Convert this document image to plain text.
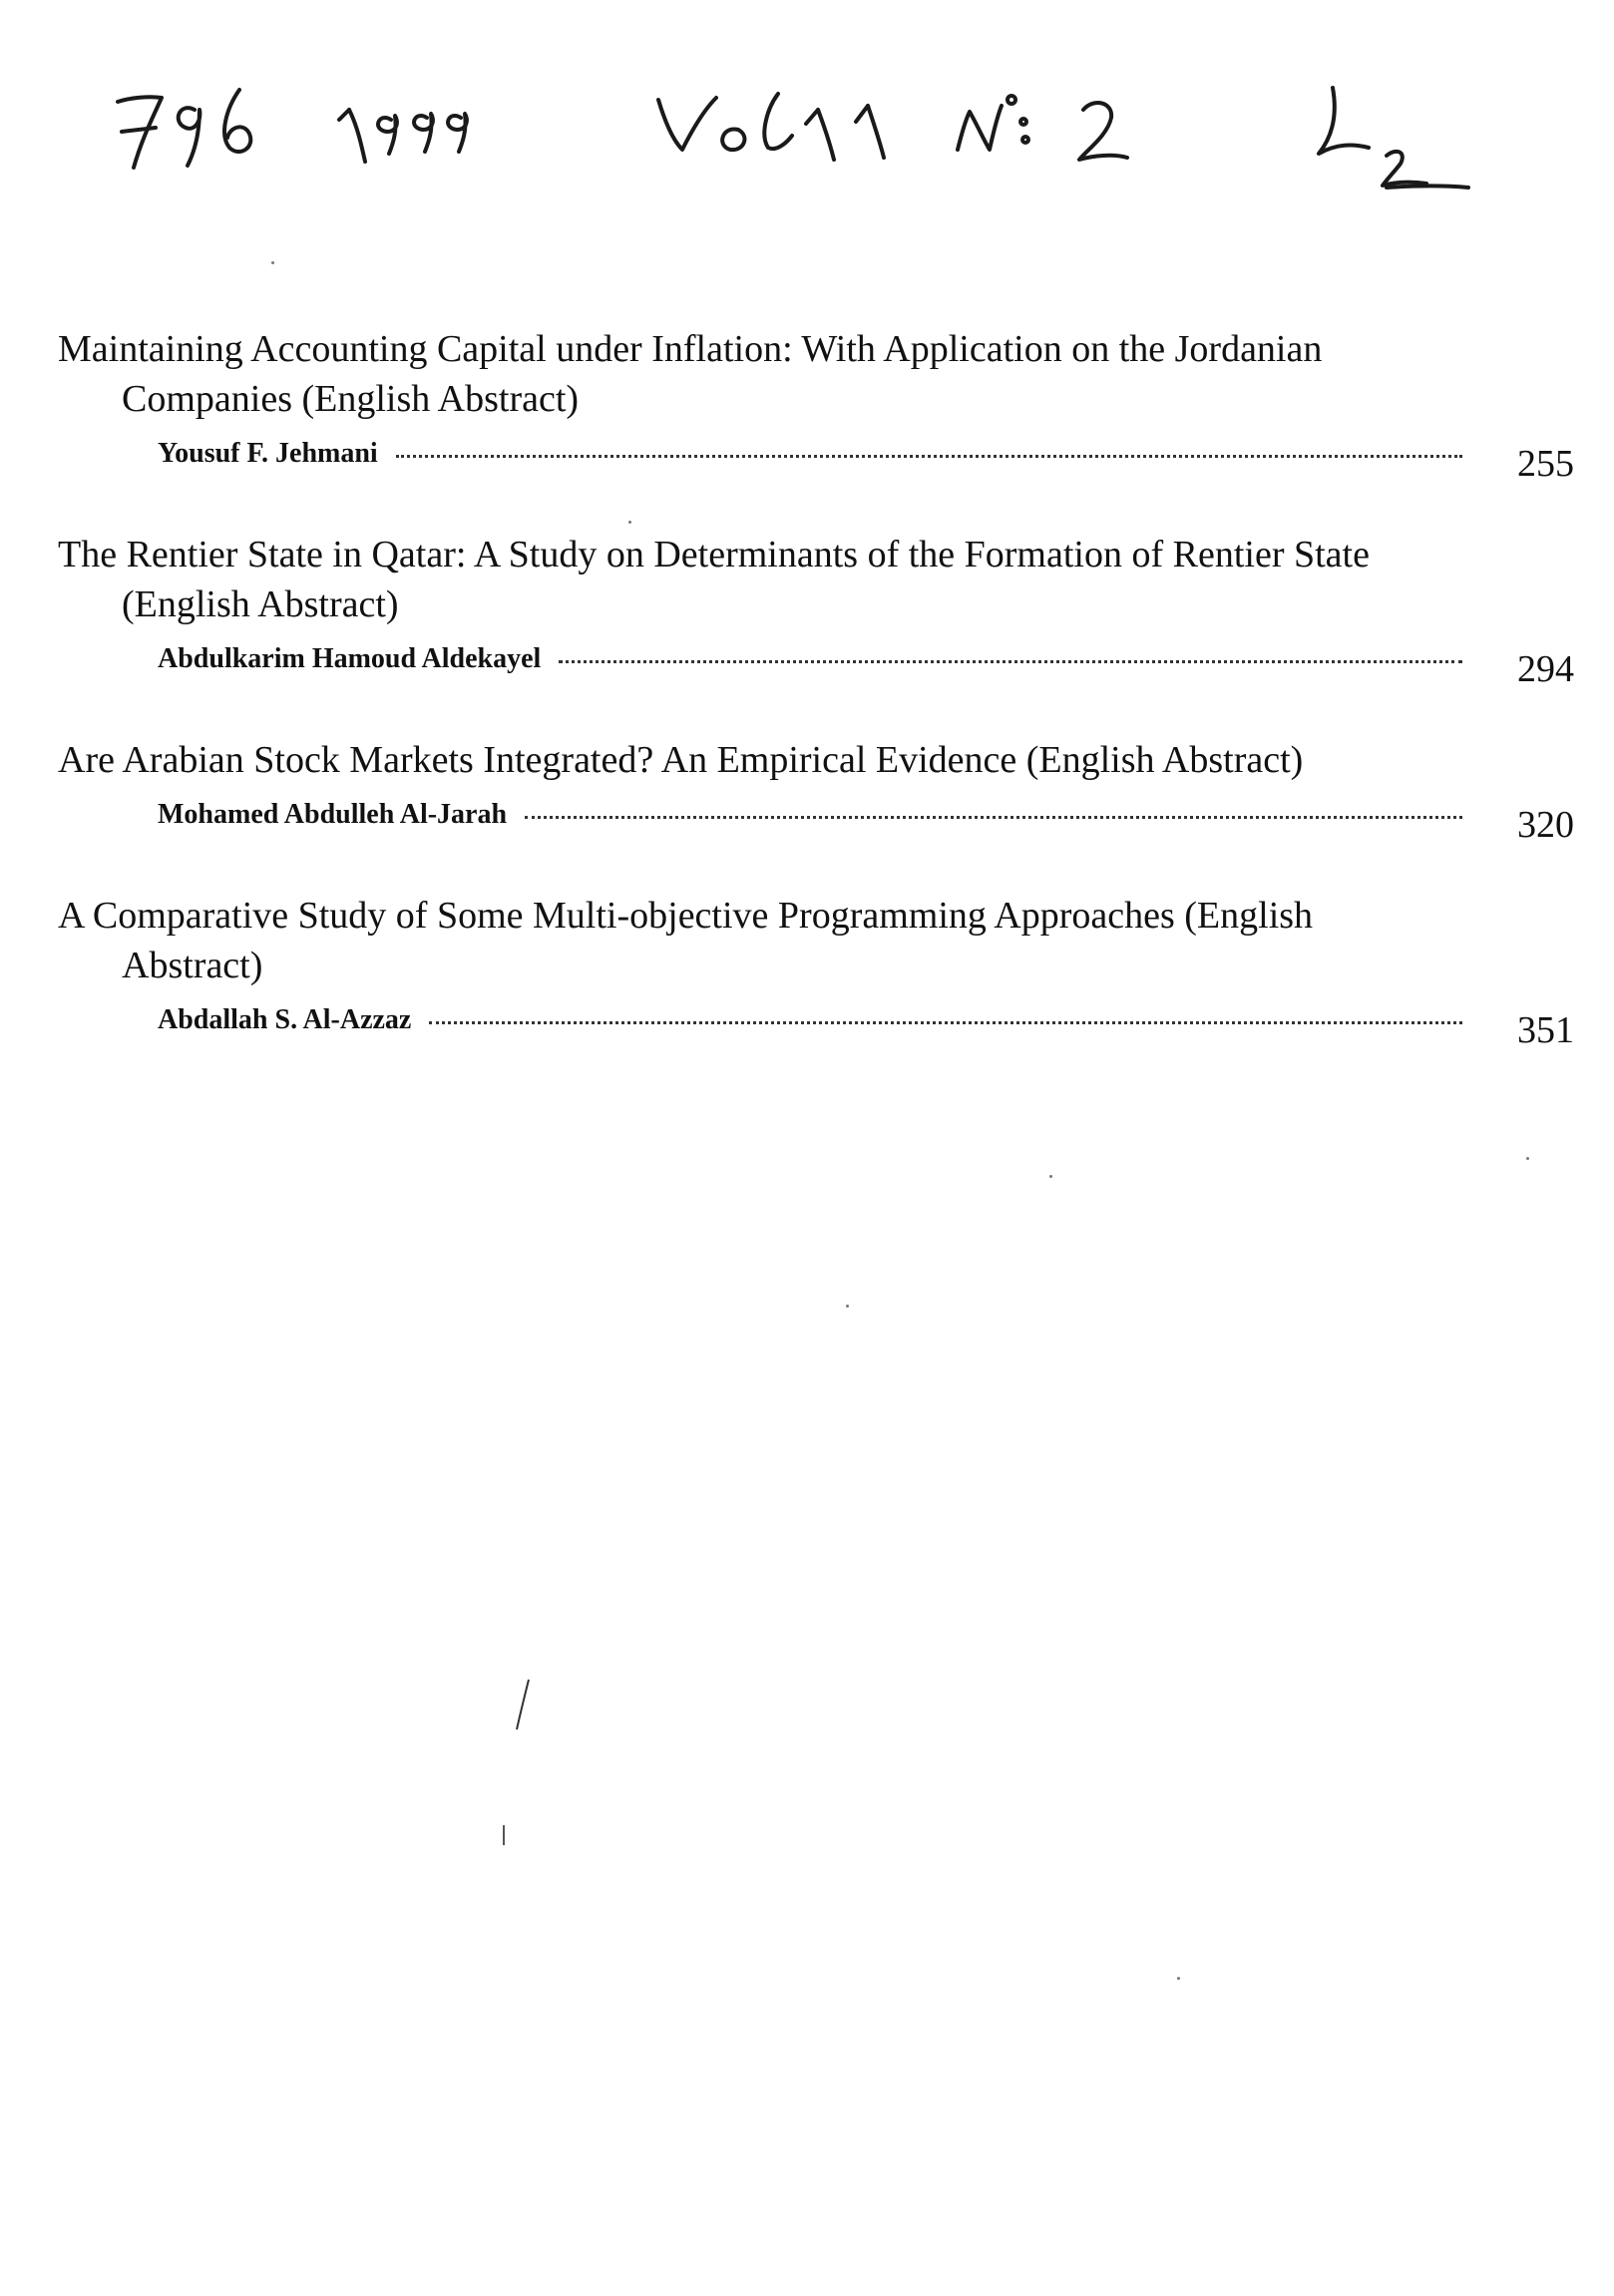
Maintaining Accounting Capital under Inflation: With Application on the Jordanian Companies (English Abstract)

Yousuf F. Jehmani	255

The Rentier State in Qatar: A Study on Determinants of the Formation of Rentier State (English Abstract)

Abdulkarim Hamoud Aldekayel	294

Are Arabian Stock Markets Integrated? An Empirical Evidence (English Abstract)

Mohamed Abdulleh Al-Jarah	320

A Comparative Study of Some Multi-objective Programming Approaches (English Abstract)

Abdallah S. Al-Azzaz	351
